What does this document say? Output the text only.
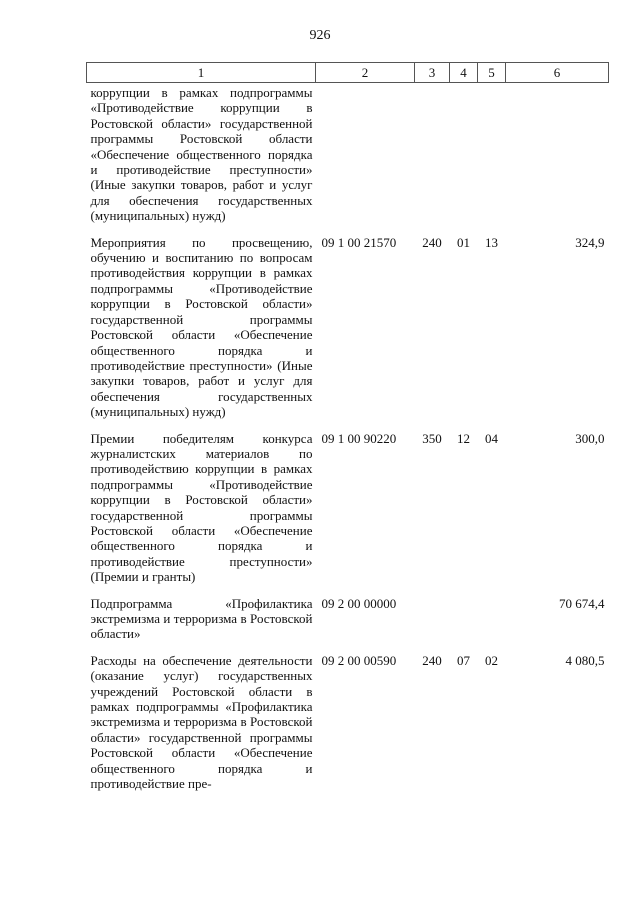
926
1	2	3	4	5	6
коррупции в рамках подпрограммы «Противодействие коррупции в Ростовской области» государственной программы Ростовской области «Обеспечение общественного порядка и противодействие преступности» (Иные закупки товаров, работ и услуг для обеспечения государственных (муниципальных) нужд)					
Мероприятия по просвещению, обучению и воспитанию по вопросам противодействия коррупции в рамках подпрограммы «Противодействие коррупции в Ростовской области» государственной программы Ростовской области «Обеспечение общественного порядка и противодействие преступности» (Иные закупки товаров, работ и услуг для обеспечения государственных (муниципальных) нужд)	09 1 00 21570	240	01	13	324,9
Премии победителям конкурса журналистских материалов по противодействию коррупции в рамках подпрограммы «Противодействие коррупции в Ростовской области» государственной программы Ростовской области «Обеспечение общественного порядка и противодействие преступности» (Премии и гранты)	09 1 00 90220	350	12	04	300,0
Подпрограмма «Профилактика экстремизма и терроризма в Ростовской области»	09 2 00 00000				70 674,4
Расходы на обеспечение деятельности (оказание услуг) государственных учреждений Ростовской области в рамках подпрограммы «Профилактика экстремизма и терроризма в Ростовской области» государственной программы Ростовской области «Обеспечение общественного порядка и противодействие пре-	09 2 00 00590	240	07	02	4 080,5
